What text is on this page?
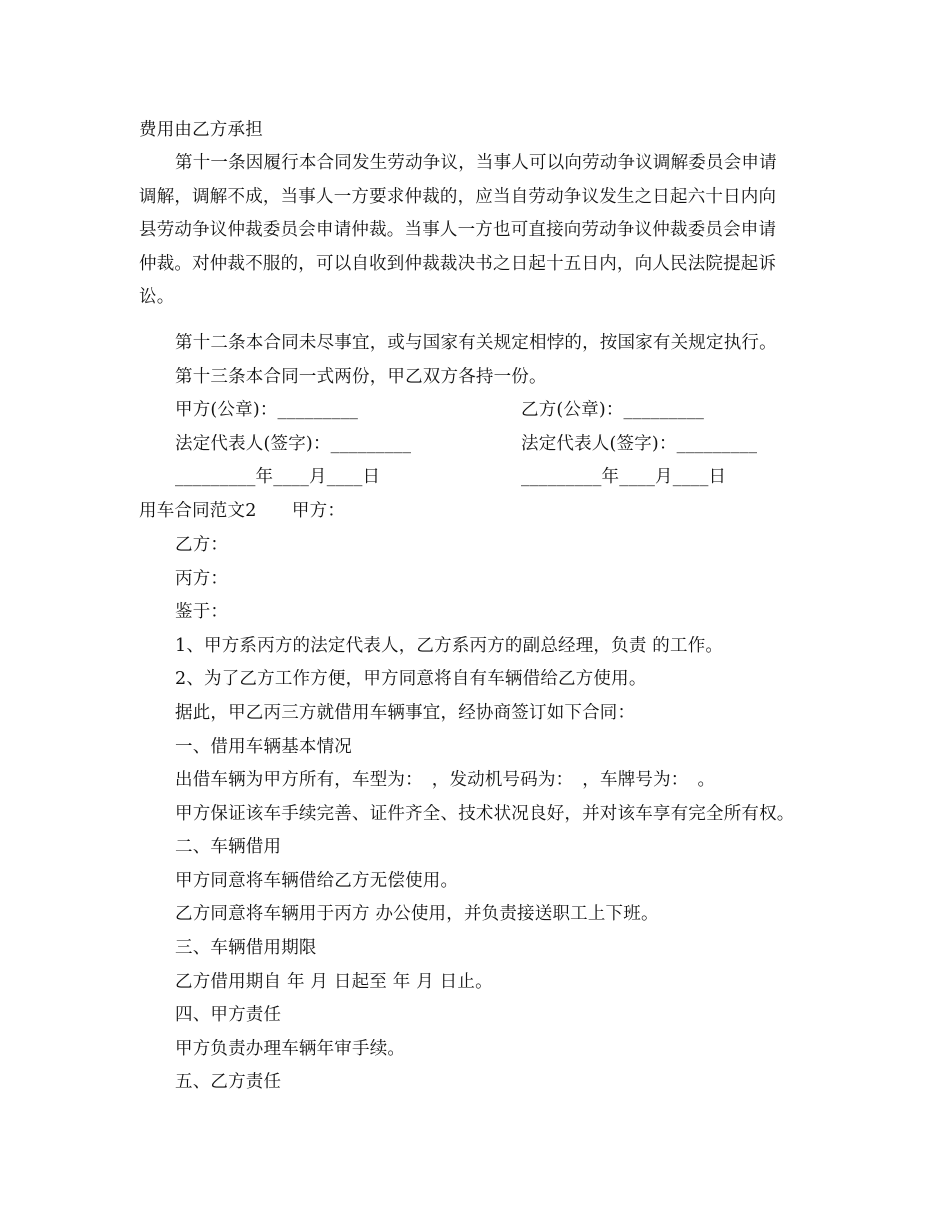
费用由乙方承担
第十一条因履行本合同发生劳动争议，当事人可以向劳动争议调解委员会申请
调解，调解不成，当事人一方要求仲裁的，应当自劳动争议发生之日起六十日内向
县劳动争议仲裁委员会申请仲裁。当事人一方也可直接向劳动争议仲裁委员会申请
仲裁。对仲裁不服的，可以自收到仲裁裁决书之日起十五日内，向人民法院提起诉
讼。
第十二条本合同未尽事宜，或与国家有关规定相悖的，按国家有关规定执行。
第十三条本合同一式两份，甲乙双方各持一份。
甲方(公章)：_________	乙方(公章)：_________
法定代表人(签字)：_________	法定代表人(签字)：_________
_________年____月____日	_________年____月____日
用车合同范文2　　甲方：
乙方：
丙方：
鉴于：
1、甲方系丙方的法定代表人，乙方系丙方的副总经理，负责 的工作。
2、为了乙方工作方便，甲方同意将自有车辆借给乙方使用。
据此，甲乙丙三方就借用车辆事宜，经协商签订如下合同：
一、借用车辆基本情况
出借车辆为甲方所有，车型为：　，发动机号码为：　，车牌号为：　。
甲方保证该车手续完善、证件齐全、技术状况良好，并对该车享有完全所有权。
二、车辆借用
甲方同意将车辆借给乙方无偿使用。
乙方同意将车辆用于丙方 办公使用，并负责接送职工上下班。
三、车辆借用期限
乙方借用期自 年 月 日起至 年 月 日止。
四、甲方责任
甲方负责办理车辆年审手续。
五、乙方责任
